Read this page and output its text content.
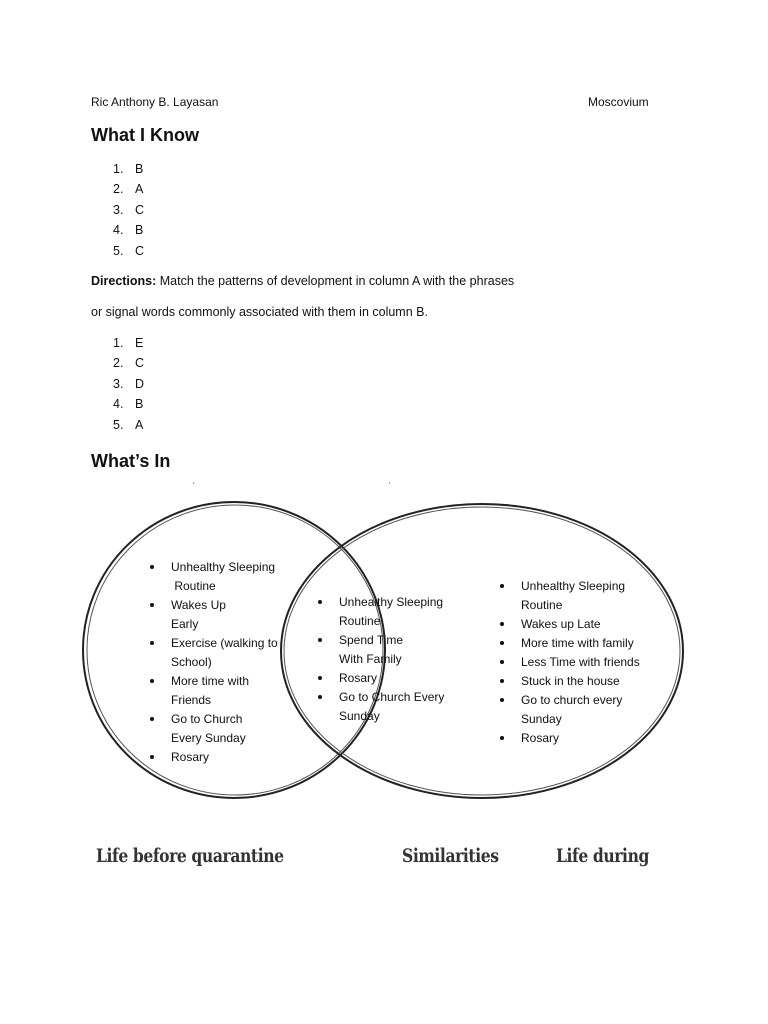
Ric Anthony B. Layasan	Moscovium
What I Know
1. B
2. A
3. C
4. B
5. C
Directions: Match the patterns of development in column A with the phrases
or signal words commonly associated with them in column B.
1. E
2. C
3. D
4. B
5. A
What’s In
'	'
Unhealthy Sleeping
Routine
Wakes Up
Early
Exercise (walking to
School)
More time with
Friends
Go to Church
Every Sunday
Rosary
Unhealthy Sleeping
Routine
Spend Time
With Family
Rosary
Go to Church Every
Sunday
Unhealthy Sleeping
Routine
Wakes up Late
More time with family
Less Time with friends
Stuck in the house
Go to church every
Sunday
Rosary
Life before quarantine	Similarities	Life during
